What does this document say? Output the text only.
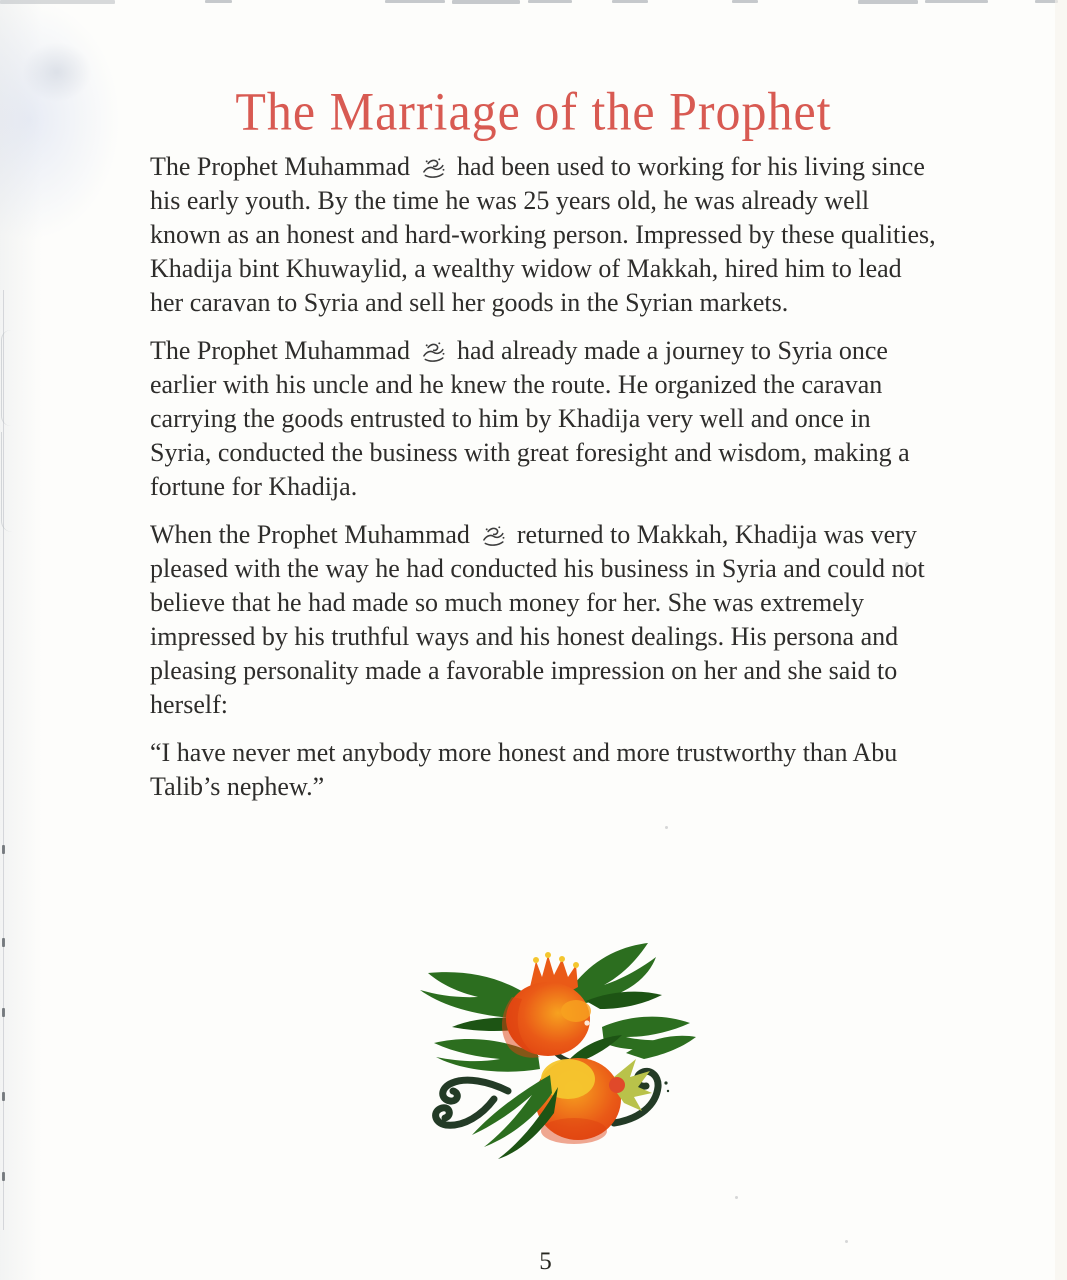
The Marriage of the Prophet

The Prophet Muhammad  had been used to working for his living since his early youth. By the time he was 25 years old, he was already well known as an honest and hard-working person. Impressed by these qualities, Khadija bint Khuwaylid, a wealthy widow of Makkah, hired him to lead her caravan to Syria and sell her goods in the Syrian markets.

The Prophet Muhammad  had already made a journey to Syria once earlier with his uncle and he knew the route. He organized the caravan carrying the goods entrusted to him by Khadija very well and once in Syria, conducted the business with great foresight and wisdom, making a fortune for Khadija.

When the Prophet Muhammad  returned to Makkah, Khadija was very pleased with the way he had conducted his business in Syria and could not believe that he had made so much money for her. She was extremely impressed by his truthful ways and his honest dealings. His persona and pleasing personality made a favorable impression on her and she said to herself:

“I have never met anybody more honest and more trustworthy than Abu Talib’s nephew.”

5
